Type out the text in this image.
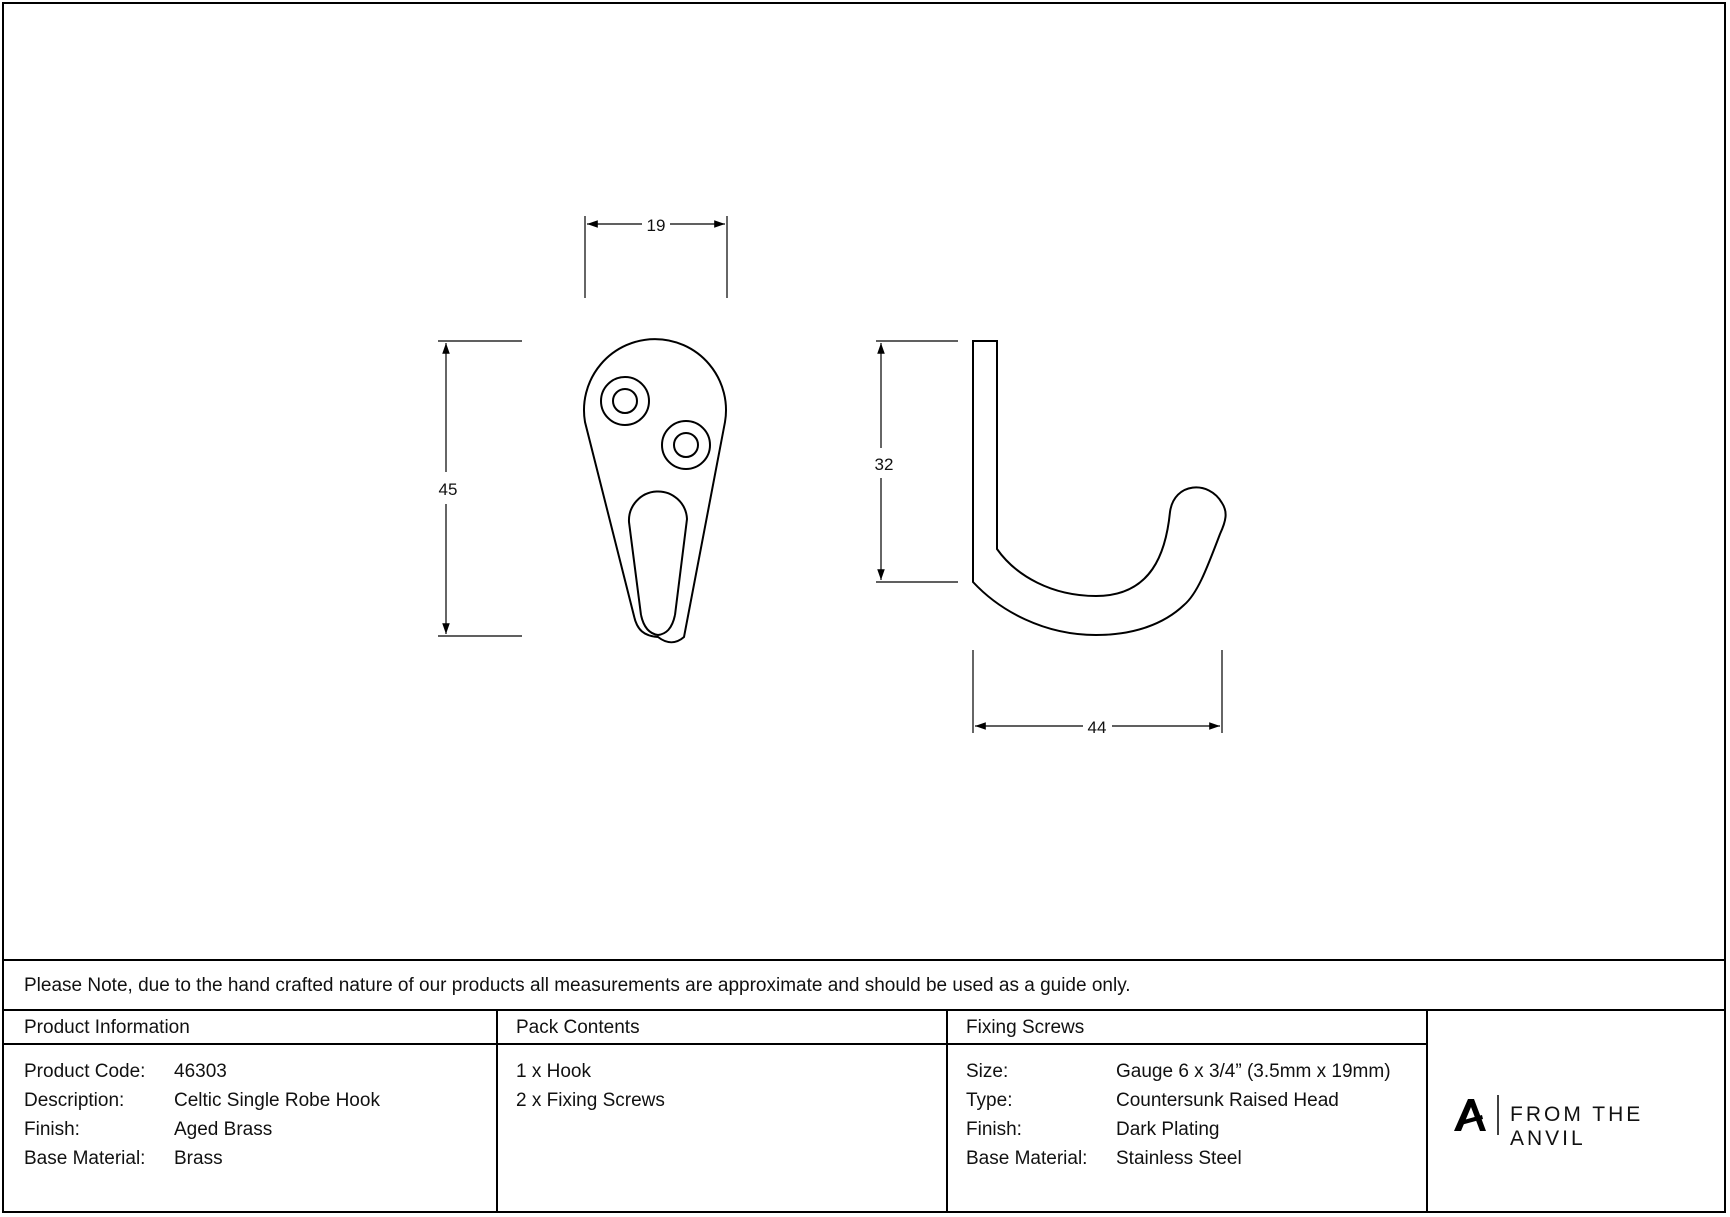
19
45
32
44
Please Note, due to the hand crafted nature of our products all measurements are approximate and should be used as a guide only.
Product Information
Product Code: 46303
Description:	Celtic Single Robe Hook
Finish:	Aged Brass
Base Material: Brass
Pack Contents
1 x Hook
2 x Fixing Screws
Fixing Screws
Size:	Gauge 6 x 3/4” (3.5mm x 19mm)
Type:	Countersunk Raised Head
Finish:	Dark Plating
Base Material: Stainless Steel
FROM THE ANVIL
